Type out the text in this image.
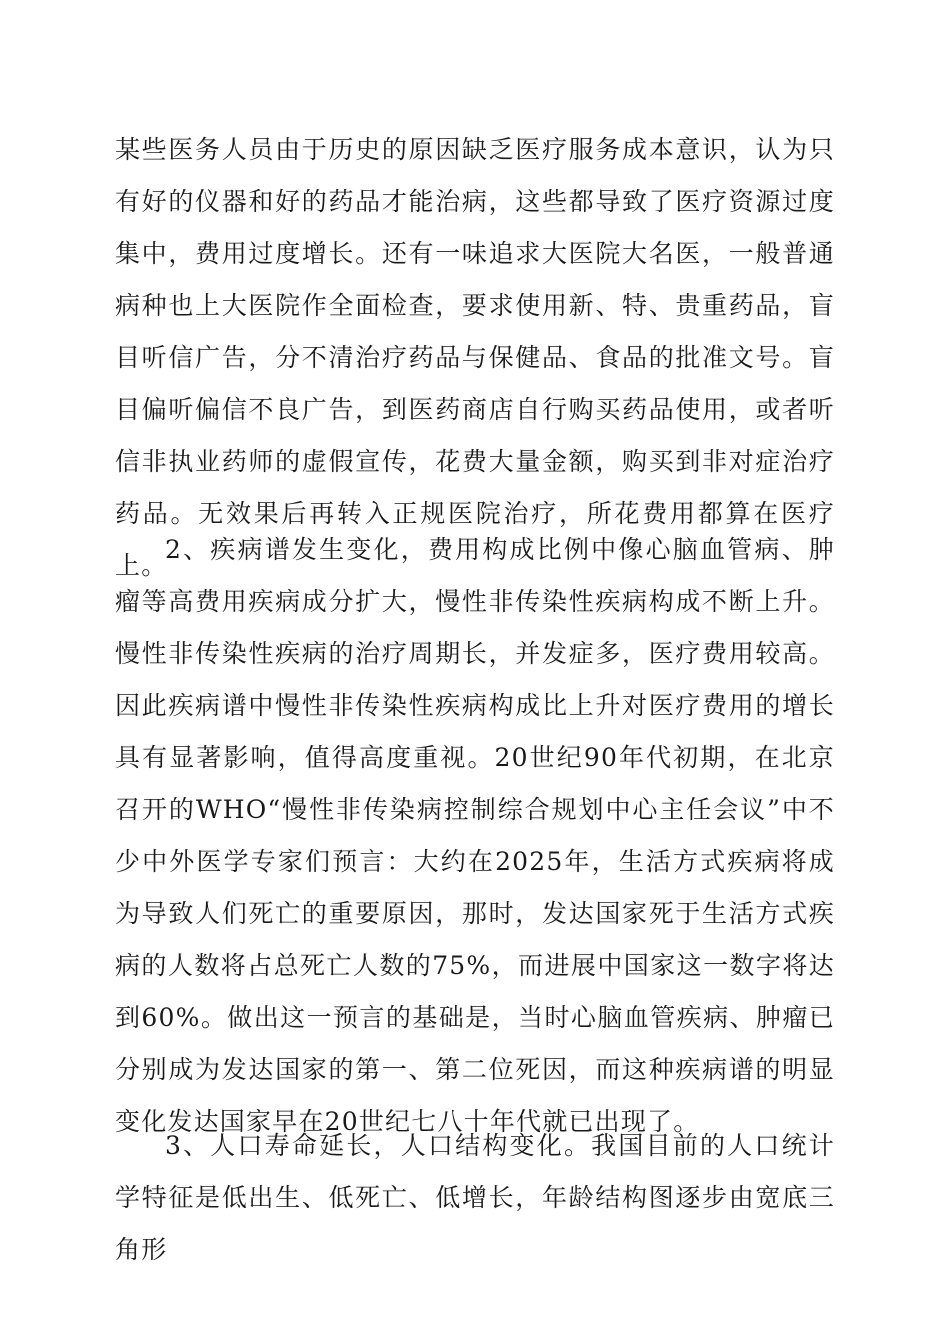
某些医务人员由于历史的原因缺乏医疗服务成本意识，认为只有好的仪器和好的药品才能治病，这些都导致了医疗资源过度集中，费用过度增长。还有一味追求大医院大名医，一般普通病种也上大医院作全面检查，要求使用新、特、贵重药品，盲目听信广告，分不清治疗药品与保健品、食品的批准文号。盲目偏听偏信不良广告，到医药商店自行购买药品使用，或者听信非执业药师的虚假宣传，花费大量金额，购买到非对症治疗药品。无效果后再转入正规医院治疗，所花费用都算在医疗上。

2、疾病谱发生变化，费用构成比例中像心脑血管病、肿瘤等高费用疾病成分扩大，慢性非传染性疾病构成不断上升。慢性非传染性疾病的治疗周期长，并发症多，医疗费用较高。因此疾病谱中慢性非传染性疾病构成比上升对医疗费用的增长具有显著影响，值得高度重视。20世纪90年代初期，在北京召开的WHO“慢性非传染病控制综合规划中心主任会议”中不少中外医学专家们预言：大约在2025年，生活方式疾病将成为导致人们死亡的重要原因，那时，发达国家死于生活方式疾病的人数将占总死亡人数的75%，而进展中国家这一数字将达到60%。做出这一预言的基础是，当时心脑血管疾病、肿瘤已分别成为发达国家的第一、第二位死因，而这种疾病谱的明显变化发达国家早在20世纪七八十年代就已出现了。

3、人口寿命延长，人口结构变化。我国目前的人口统计学特征是低出生、低死亡、低增长，年龄结构图逐步由宽底三角形
